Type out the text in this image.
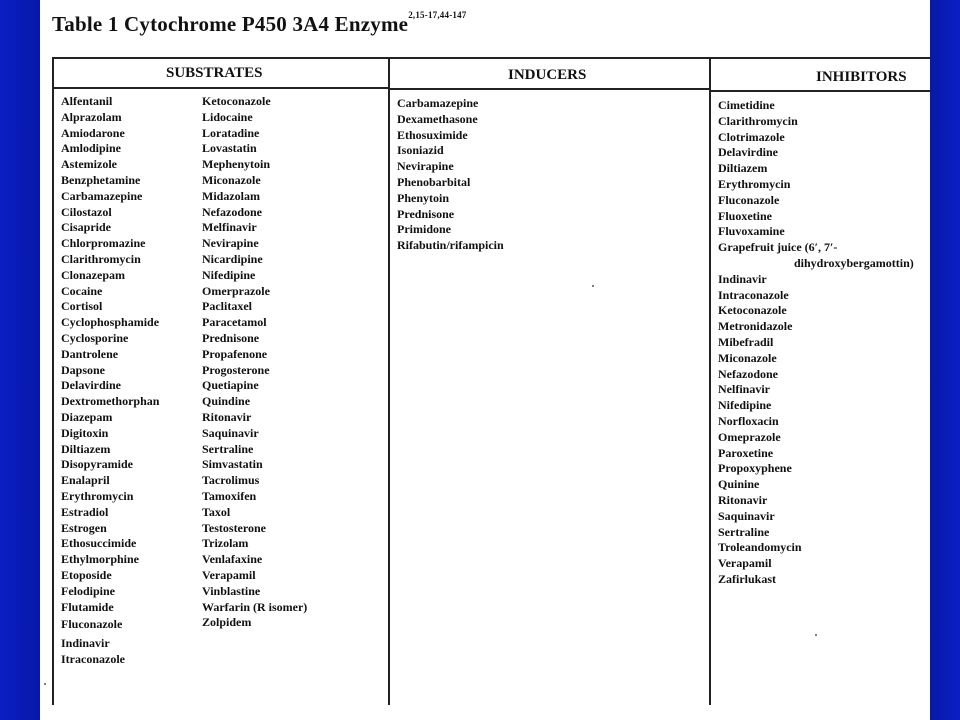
Table 1 Cytochrome P450 3A4 Enzyme$^{2,15-17,44-147}$
SUBSTRATES	INDUCERS	INHIBITORS
Alfentanil
Alprazolam
Amiodarone
Amlodipine
Astemizole
Benzphetamine
Carbamazepine
Cilostazol
Cisapride
Chlorpromazine
Clarithromycin
Clonazepam
Cocaine
Cortisol
Cyclophosphamide
Cyclosporine
Dantrolene
Dapsone
Delavirdine
Dextromethorphan
Diazepam
Digitoxin
Diltiazem
Disopyramide
Enalapril
Erythromycin
Estradiol
Estrogen
Ethosuccimide
Ethylmorphine
Etoposide
Felodipine
Flutamide
Fluconazole
Indinavir
Itraconazole
Ketoconazole
Lidocaine
Loratadine
Lovastatin
Mephenytoin
Miconazole
Midazolam
Nefazodone
Melfinavir
Nevirapine
Nicardipine
Nifedipine
Omerprazole
Paclitaxel
Paracetamol
Prednisone
Propafenone
Progosterone
Quetiapine
Quindine
Ritonavir
Saquinavir
Sertraline
Simvastatin
Tacrolimus
Tamoxifen
Taxol
Testosterone
Trizolam
Venlafaxine
Verapamil
Vinblastine
Warfarin (R isomer)
Zolpidem
Carbamazepine
Dexamethasone
Ethosuximide
Isoniazid
Nevirapine
Phenobarbital
Phenytoin
Prednisone
Primidone
Rifabutin/rifampicin
Cimetidine
Clarithromycin
Clotrimazole
Delavirdine
Diltiazem
Erythromycin
Fluconazole
Fluoxetine
Fluvoxamine
Grapefruit juice (6′, 7′-
dihydroxybergamottin)
Indinavir
Intraconazole
Ketoconazole
Metronidazole
Mibefradil
Miconazole
Nefazodone
Nelfinavir
Nifedipine
Norfloxacin
Omeprazole
Paroxetine
Propoxyphene
Quinine
Ritonavir
Saquinavir
Sertraline
Troleandomycin
Verapamil
Zafirlukast
